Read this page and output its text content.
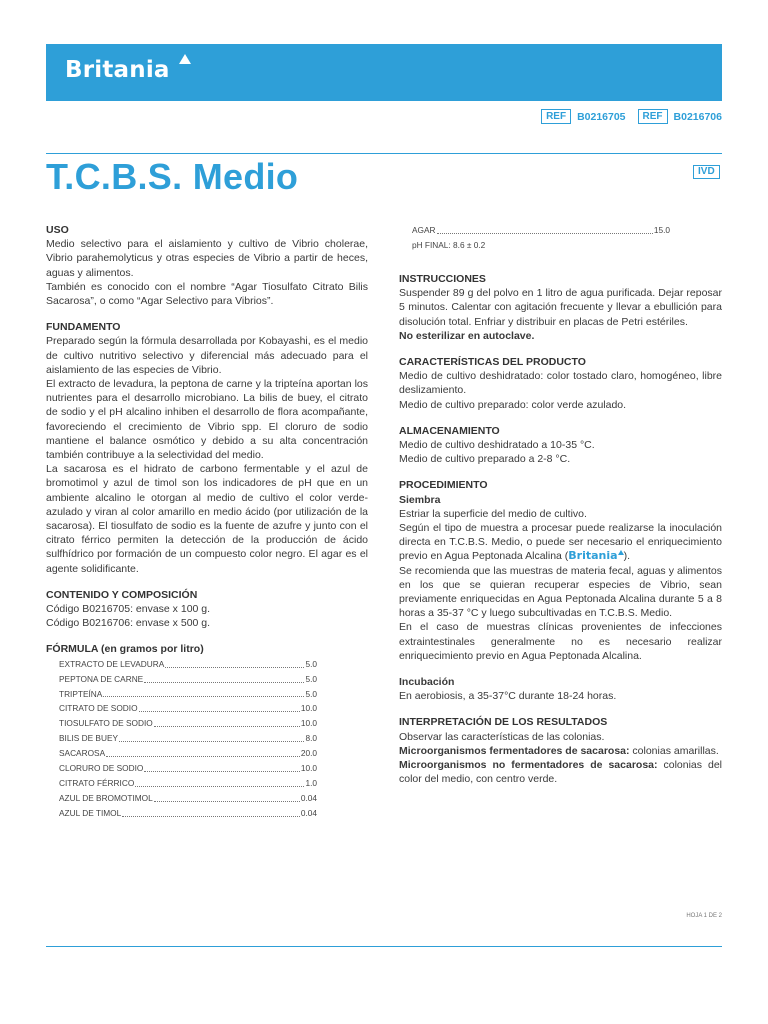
Britania
REF	B0216705	REF	B0216706
T.C.B.S. Medio	IVD

USO

Medio selectivo para el aislamiento y cultivo de Vibrio cholerae, Vibrio parahemolyticus y otras especies de Vibrio a partir de heces, aguas y alimentos.

También es conocido con el nombre “Agar Tiosulfato Citrato Bilis Sacarosa”, o como “Agar Selectivo para Vibrios”.

FUNDAMENTO

Preparado según la fórmula desarrollada por Kobayashi, es el medio de cultivo nutritivo selectivo y diferencial más adecuado para el aislamiento de las especies de Vibrio.

El extracto de levadura, la peptona de carne y la tripteína aportan los nutrientes para el desarrollo microbiano. La bilis de buey, el citrato de sodio y el pH alcalino inhiben el desarrollo de flora acompañante, favoreciendo el crecimiento de Vibrio spp. El cloruro de sodio mantiene el balance osmótico y debido a su alta concentración también contribuye a la selectividad del medio.

La sacarosa es el hidrato de carbono fermentable y el azul de bromotimol y azul de timol son los indicadores de pH que en un ambiente alcalino le otorgan al medio de cultivo el color verde-azulado y viran al color amarillo en medio ácido (por utilización de la sacarosa). El tiosulfato de sodio es la fuente de azufre y junto con el citrato férrico permiten la detección de la producción de ácido sulfhídrico por formación de un compuesto color negro. El agar es el agente solidificante.

CONTENIDO Y COMPOSICIÓN

Código B0216705: envase x 100 g.

Código B0216706: envase x 500 g.

FÓRMULA (en gramos por litro)

EXTRACTO DE LEVADURA	5.0
PEPTONA DE CARNE	5.0
TRIPTEÍNA	5.0
CITRATO DE SODIO	10.0
TIOSULFATO DE SODIO	10.0
BILIS DE BUEY	8.0
SACAROSA	20.0
CLORURO DE SODIO	10.0
CITRATO FÉRRICO	1.0
AZUL DE BROMOTIMOL	0.04
AZUL DE TIMOL	0.04
AGAR	15.0

pH FINAL: 8.6 ± 0.2

INSTRUCCIONES

Suspender 89 g del polvo en 1 litro de agua purificada. Dejar reposar 5 minutos. Calentar con agitación frecuente y llevar a ebullición para disolución total. Enfriar y distribuir en placas de Petri estériles.

No esterilizar en autoclave.

CARACTERÍSTICAS DEL PRODUCTO

Medio de cultivo deshidratado: color tostado claro, homogéneo, libre deslizamiento.

Medio de cultivo preparado: color verde azulado.

ALMACENAMIENTO

Medio de cultivo deshidratado a 10-35 °C.

Medio de cultivo preparado a 2-8 °C.

PROCEDIMIENTO

Siembra

Estriar la superficie del medio de cultivo.

Según el tipo de muestra a procesar puede realizarse la inoculación directa en T.C.B.S. Medio, o puede ser necesario el enriquecimiento previo en Agua Peptonada Alcalina (Britania ).

Se recomienda que las muestras de materia fecal, aguas y alimentos en los que se quieran recuperar especies de Vibrio, sean previamente enriquecidas en Agua Peptonada Alcalina durante 5 a 8 horas a 35-37 °C y luego subcultivadas en T.C.B.S. Medio.

En el caso de muestras clínicas provenientes de infecciones extraintestinales generalmente no es necesario realizar enriquecimiento previo en Agua Peptonada Alcalina.

Incubación

En aerobiosis, a 35-37°C durante 18-24 horas.

INTERPRETACIÓN DE LOS RESULTADOS

Observar las características de las colonias.

Microorganismos fermentadores de sacarosa: colonias amarillas.

Microorganismos no fermentadores de sacarosa: colonias del color del medio, con centro verde.

HOJA 1 DE 2
